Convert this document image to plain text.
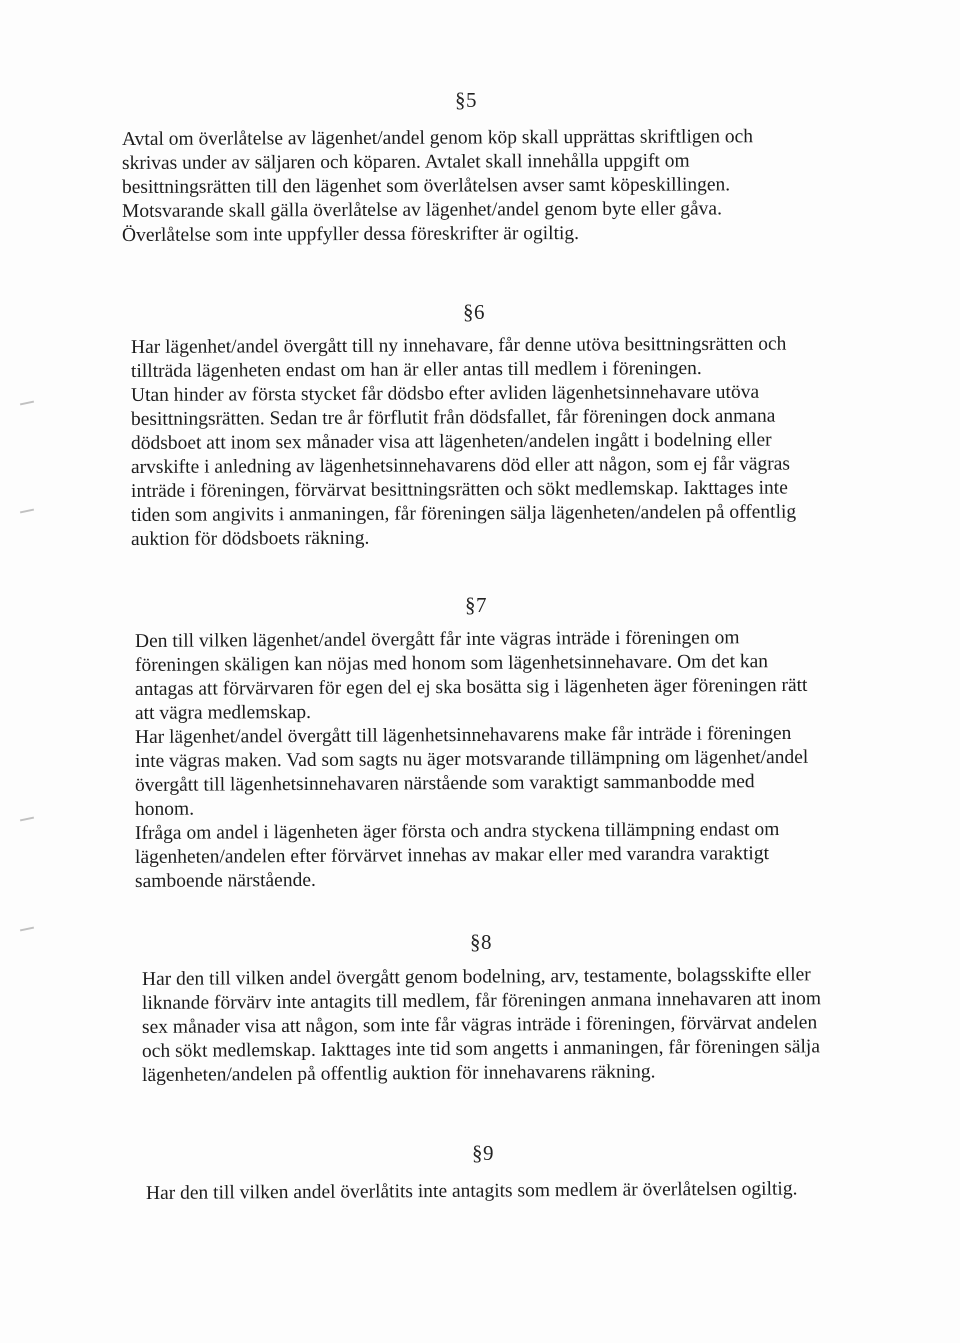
§5
Avtal om överlåtelse av lägenhet/andel genom köp skall upprättas skriftligen och
skrivas under av säljaren och köparen. Avtalet skall innehålla uppgift om
besittningsrätten till den lägenhet som överlåtelsen avser samt köpeskillingen.
Motsvarande skall gälla överlåtelse av lägenhet/andel genom byte eller gåva.
Överlåtelse som inte uppfyller dessa föreskrifter är ogiltig.
§6
Har lägenhet/andel övergått till ny innehavare, får denne utöva besittningsrätten och
tillträda lägenheten endast om han är eller antas till medlem i föreningen.
Utan hinder av första stycket får dödsbo efter avliden lägenhetsinnehavare utöva
besittningsrätten. Sedan tre år förflutit från dödsfallet, får föreningen dock anmana
dödsboet att inom sex månader visa att lägenheten/andelen ingått i bodelning eller
arvskifte i anledning av lägenhetsinnehavarens död eller att någon, som ej får vägras
inträde i föreningen, förvärvat besittningsrätten och sökt medlemskap. Iakttages inte
tiden som angivits i anmaningen, får föreningen sälja lägenheten/andelen på offentlig
auktion för dödsboets räkning.
§7
Den till vilken lägenhet/andel övergått får inte vägras inträde i föreningen om
föreningen skäligen kan nöjas med honom som lägenhetsinnehavare. Om det kan
antagas att förvärvaren för egen del ej ska bosätta sig i lägenheten äger föreningen rätt
att vägra medlemskap.
Har lägenhet/andel övergått till lägenhetsinnehavarens make får inträde i föreningen
inte vägras maken. Vad som sagts nu äger motsvarande tillämpning om lägenhet/andel
övergått till lägenhetsinnehavaren närstående som varaktigt sammanbodde med
honom.
Ifråga om andel i lägenheten äger första och andra styckena tillämpning endast om
lägenheten/andelen efter förvärvet innehas av makar eller med varandra varaktigt
samboende närstående.
§8
Har den till vilken andel övergått genom bodelning, arv, testamente, bolagsskifte eller
liknande förvärv inte antagits till medlem, får föreningen anmana innehavaren att inom
sex månader visa att någon, som inte får vägras inträde i föreningen, förvärvat andelen
och sökt medlemskap. Iakttages inte tid som angetts i anmaningen, får föreningen sälja
lägenheten/andelen på offentlig auktion för innehavarens räkning.
§9
Har den till vilken andel överlåtits inte antagits som medlem är överlåtelsen ogiltig.
